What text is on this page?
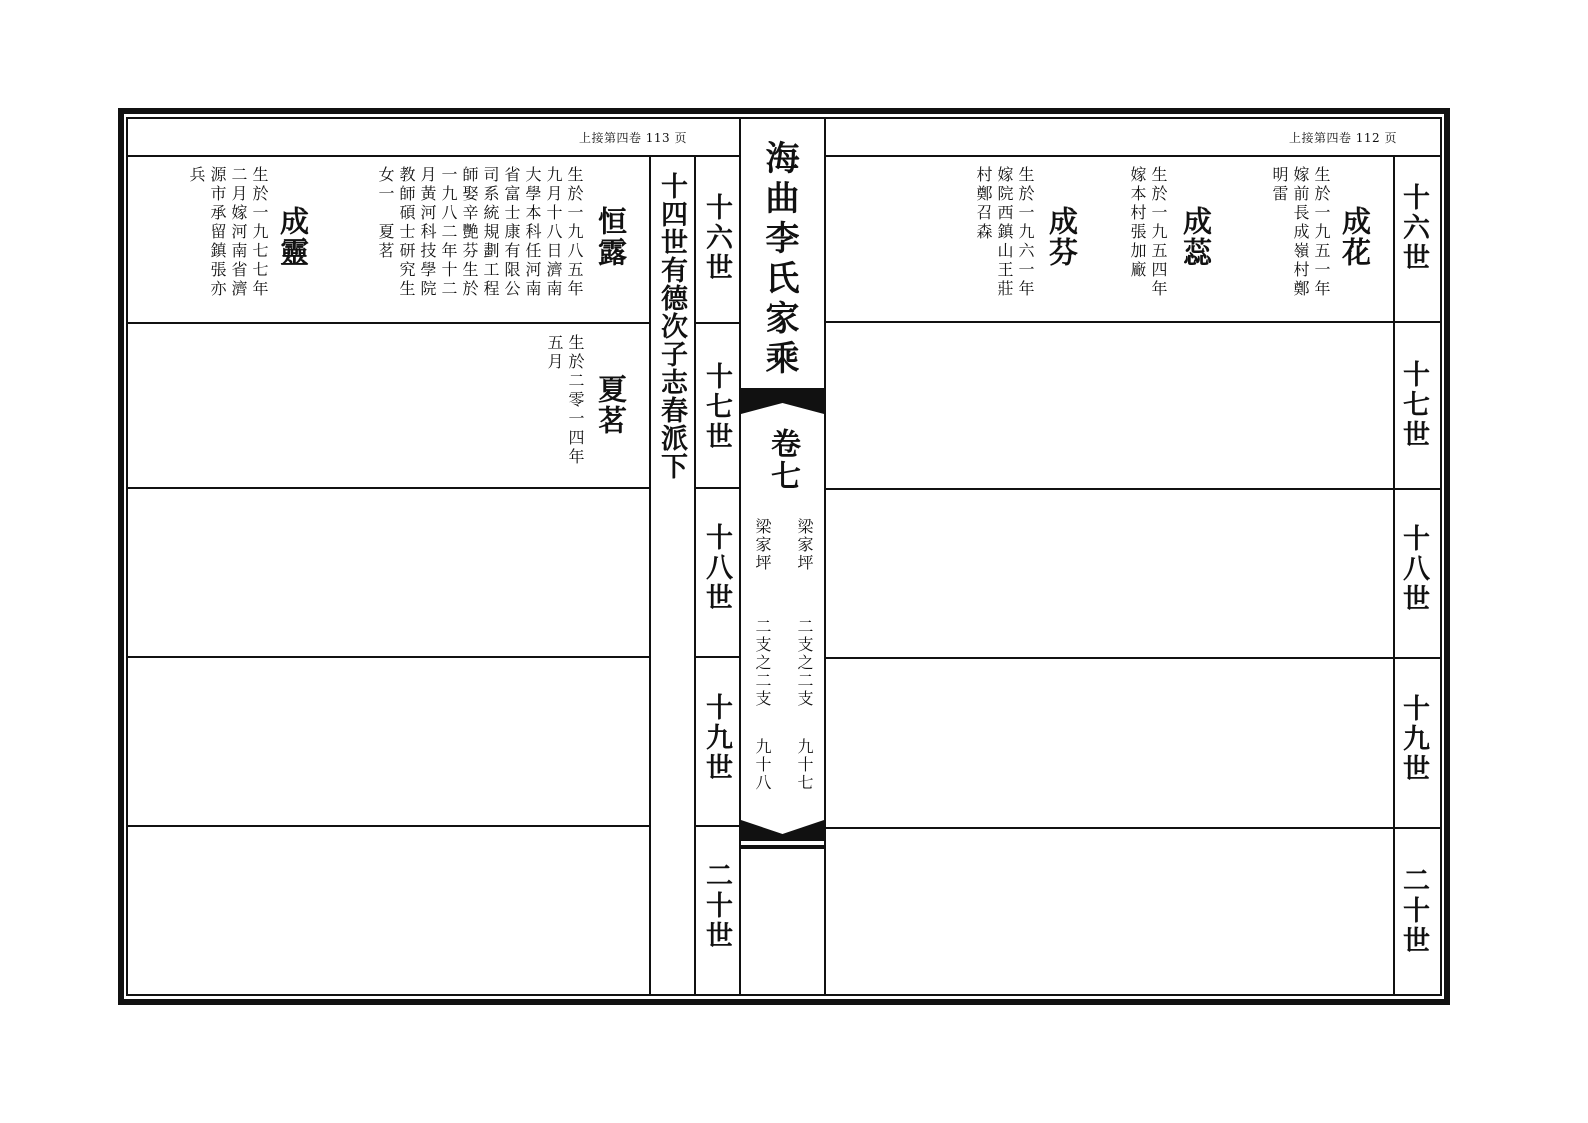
上接第四卷 113 页	上接第四卷 112 页
海曲李氏家乘
卷七
梁家坪
二支之二支
九十七
梁家坪
二支之二支
九十八
十四世有德次子志春派下 十六世
十七世
十八世
十九世
二十世
十六世
十七世
十八世
十九世
二十世
恒露
生於一九八五年
九月十八日濟南
大學本科任河南
省富士康有限公
司系統規劃工程
師娶辛艷芬生於
一九八二年十二
月黃河科技學院
教師碩士研究生
女一　夏茗
成靈
生於一九七七年
二月嫁河南省濟
源市承留鎮張亦
兵
夏茗
生於二零一四年
五月
成花
生於一九五一年
嫁前長成嶺村鄭
明雷
成蕊
生於一九五四年
嫁本村張加廠
成芬
生於一九六一年
嫁院西鎮山王莊
村鄭召森
